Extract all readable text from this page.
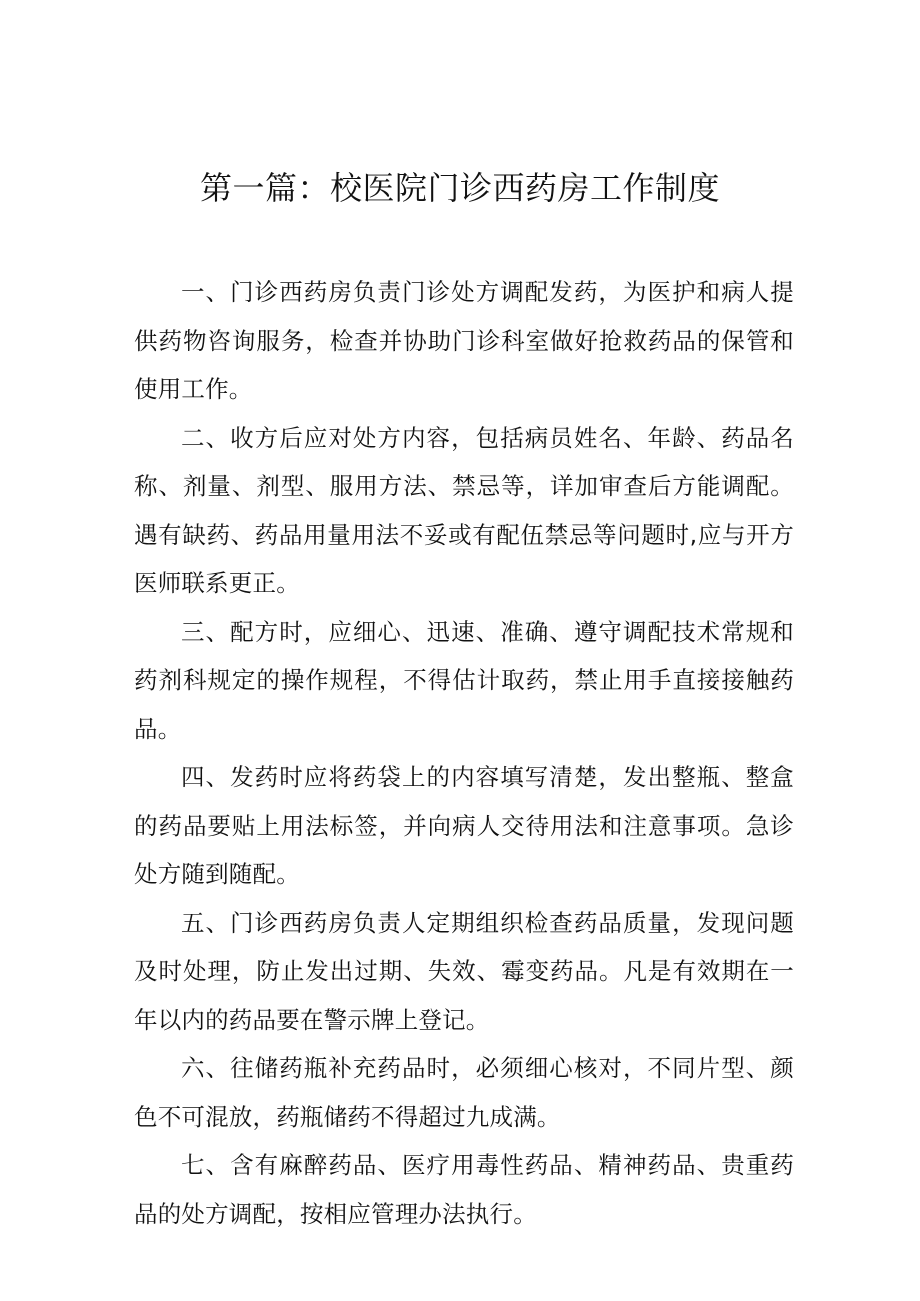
第一篇：校医院门诊西药房工作制度

一、门诊西药房负责门诊处方调配发药，为医护和病人提供药物咨询服务，检查并协助门诊科室做好抢救药品的保管和使用工作。

二、收方后应对处方内容，包括病员姓名、年龄、药品名称、剂量、剂型、服用方法、禁忌等，详加审查后方能调配。遇有缺药、药品用量用法不妥或有配伍禁忌等问题时,应与开方医师联系更正。

三、配方时，应细心、迅速、准确、遵守调配技术常规和药剂科规定的操作规程，不得估计取药，禁止用手直接接触药品。

四、发药时应将药袋上的内容填写清楚，发出整瓶、整盒的药品要贴上用法标签，并向病人交待用法和注意事项。急诊处方随到随配。

五、门诊西药房负责人定期组织检查药品质量，发现问题及时处理，防止发出过期、失效、霉变药品。凡是有效期在一年以内的药品要在警示牌上登记。

六、往储药瓶补充药品时，必须细心核对，不同片型、颜色不可混放，药瓶储药不得超过九成满。

七、含有麻醉药品、医疗用毒性药品、精神药品、贵重药品的处方调配，按相应管理办法执行。
